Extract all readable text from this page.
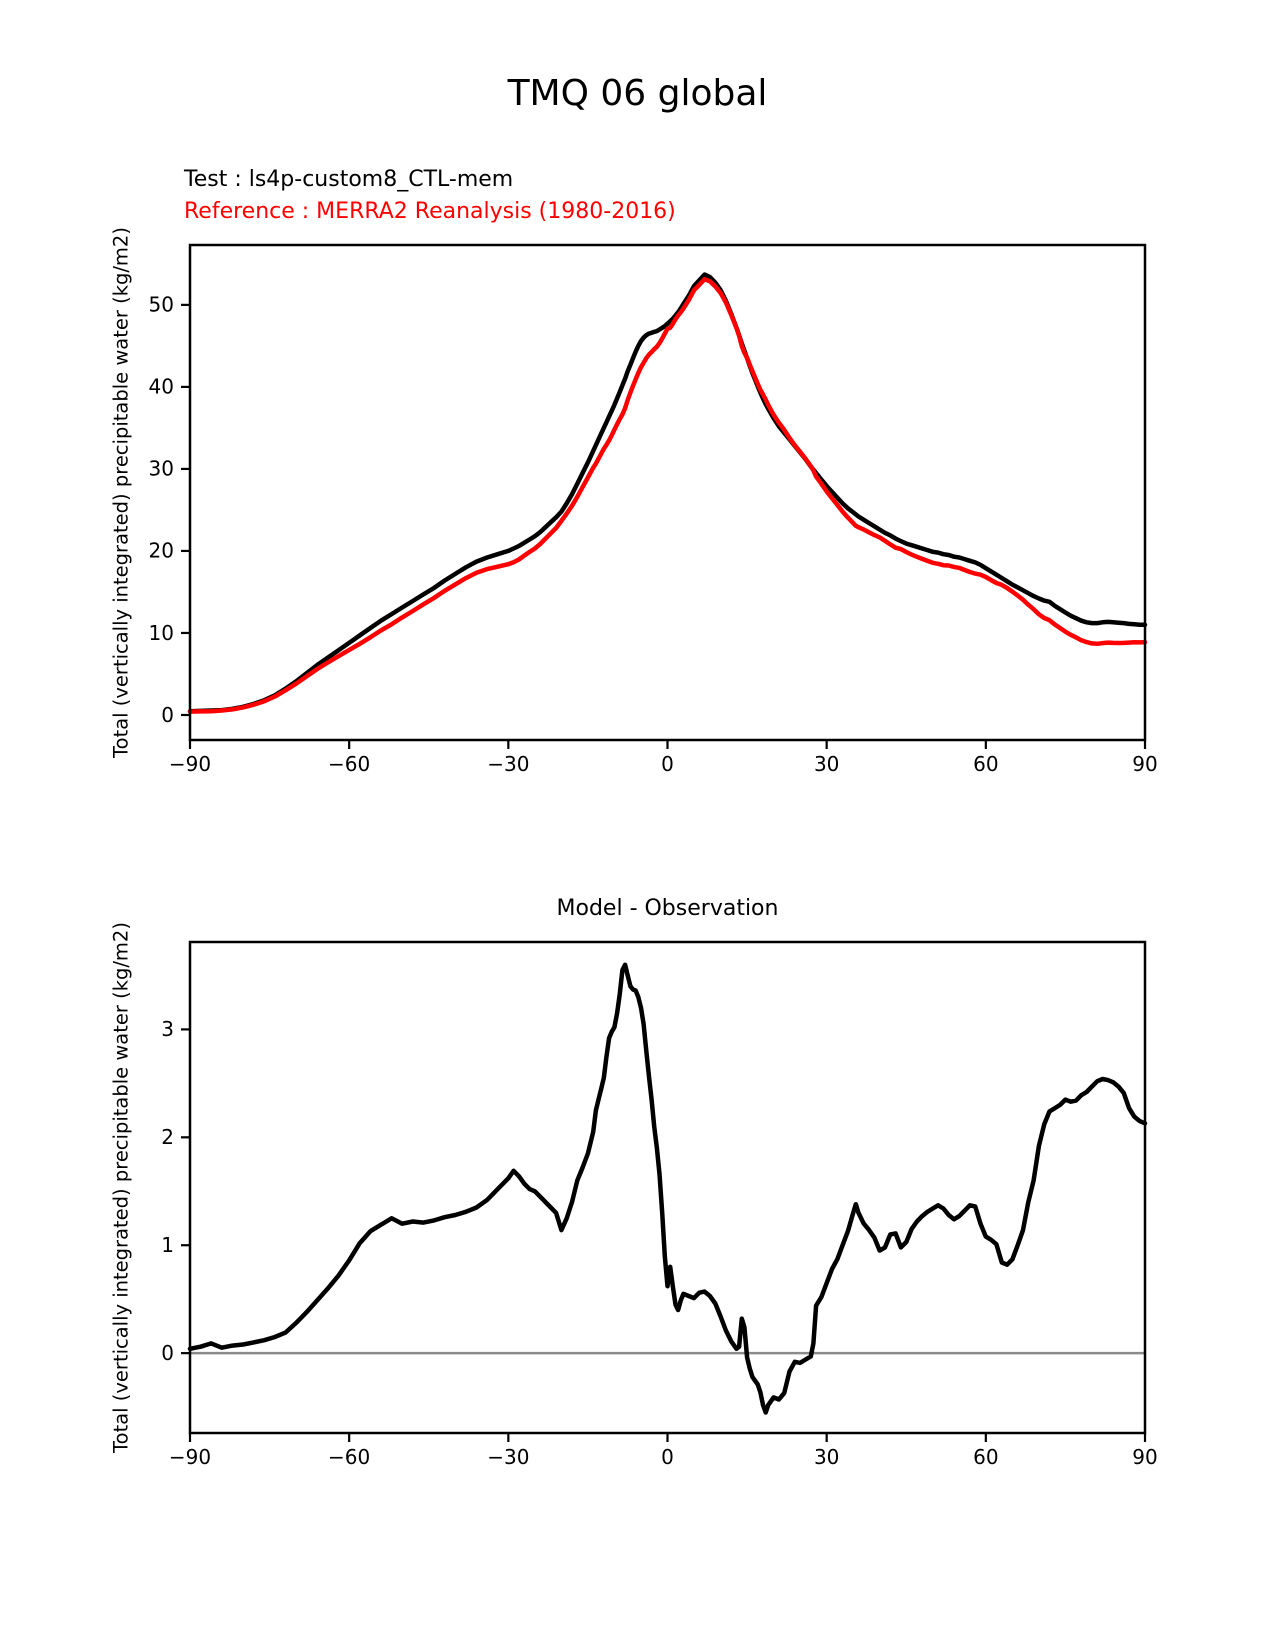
TMQ 06 global
Test : ls4p-custom8_CTL-mem
Reference : MERRA2 Reanalysis (1980-2016)
Total (vertically integrated) precipitable water (kg/m2)
Total (vertically integrated) precipitable water (kg/m2)
Model - Observation
−90	−60	−30	0	30	60	90
0
10
20
30
40
50
−90	−60	−30	0	30	60	90
0
1
2
3
